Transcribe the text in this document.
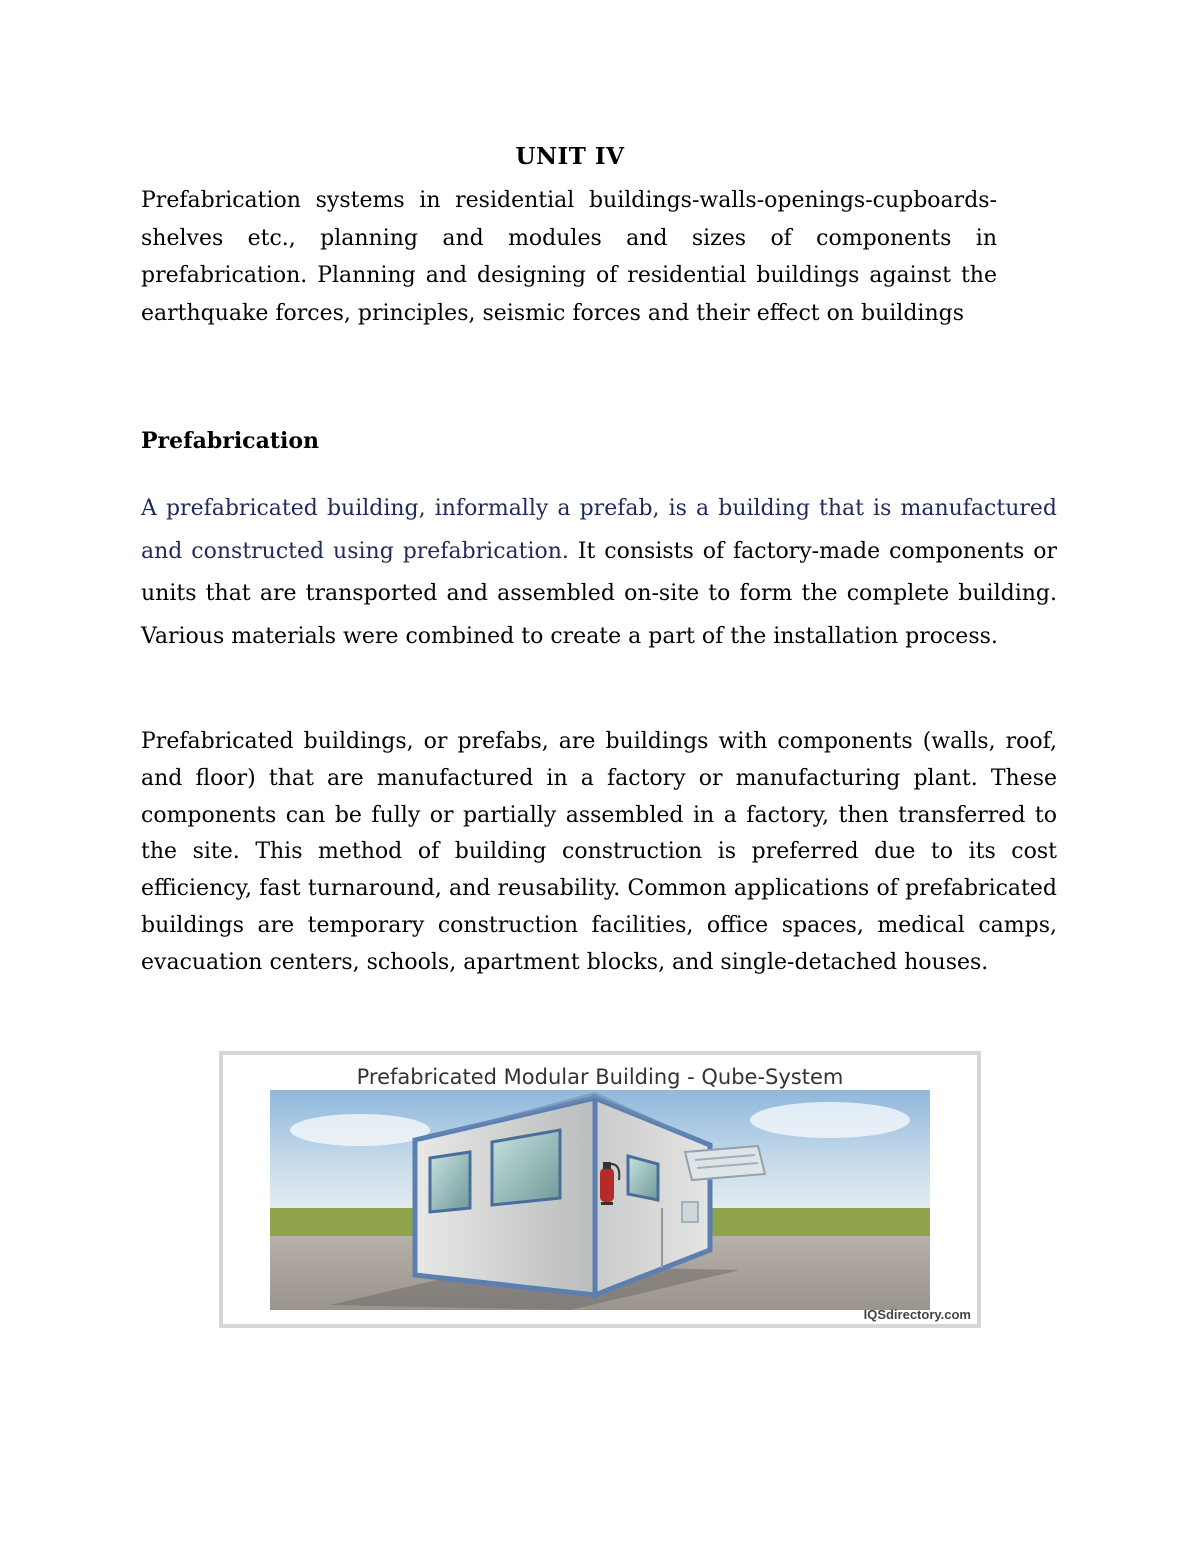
UNIT IV

Prefabrication systems in residential buildings-walls-openings-cupboards-shelves etc., planning and modules and sizes of components in prefabrication. Planning and designing of residential buildings against the earthquake forces, principles, seismic forces and their effect on buildings

Prefabrication

A prefabricated building, informally a prefab, is a building that is manufactured and constructed using prefabrication. It consists of factory-made components or units that are transported and assembled on-site to form the complete building. Various materials were combined to create a part of the installation process.

Prefabricated buildings, or prefabs, are buildings with components (walls, roof, and floor) that are manufactured in a factory or manufacturing plant. These components can be fully or partially assembled in a factory, then transferred to the site. This method of building construction is preferred due to its cost efficiency, fast turnaround, and reusability. Common applications of prefabricated buildings are temporary construction facilities, office spaces, medical camps, evacuation centers, schools, apartment blocks, and single-detached houses.

Prefabricated Modular Building - Qube-System
IQSdirectory.com
